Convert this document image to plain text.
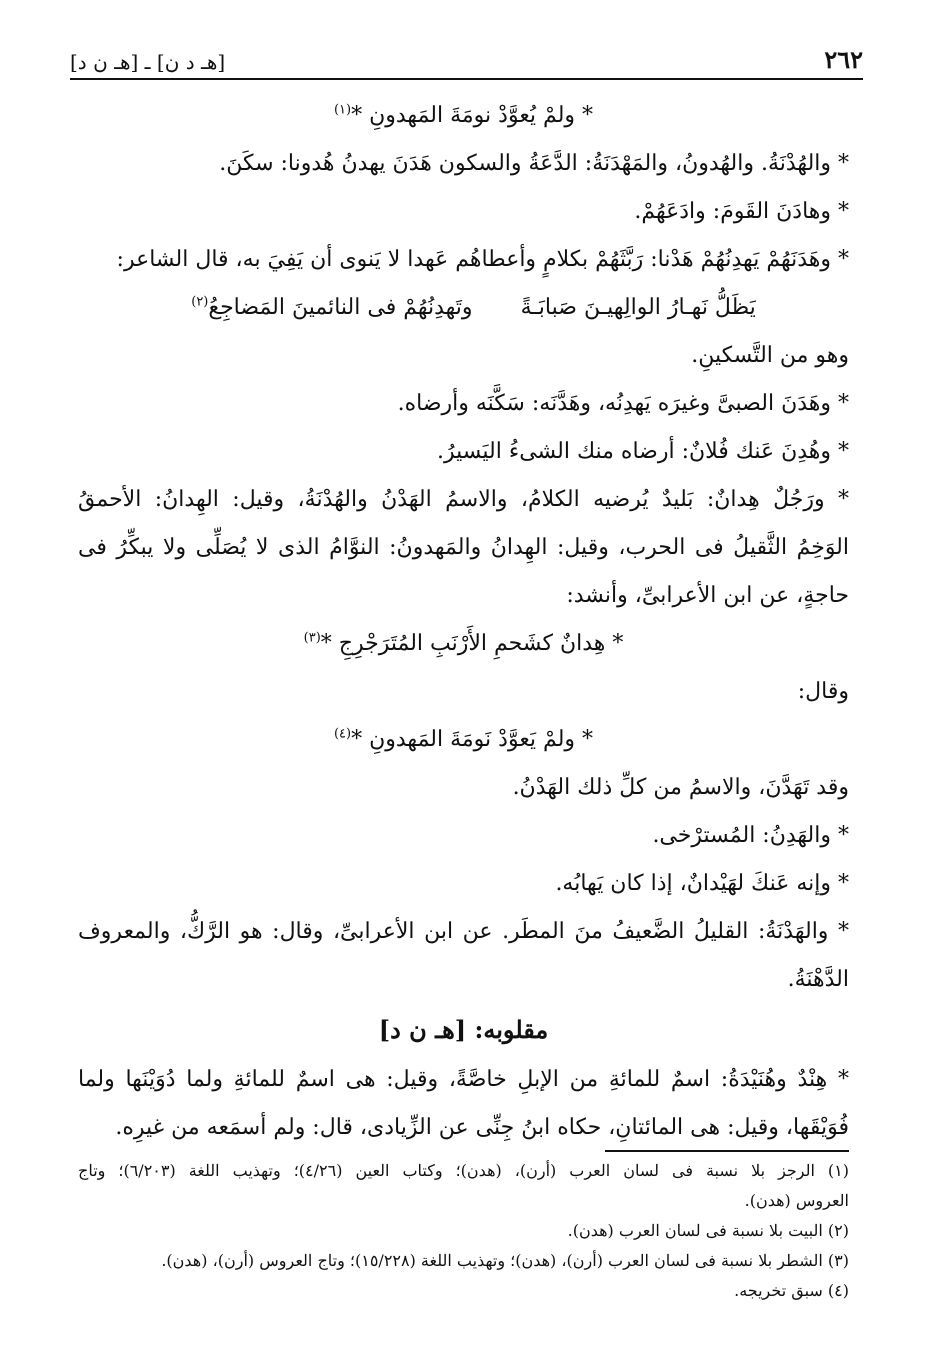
٢٦٢
[هـ د ن] ـ [هـ ن د]
* ولمْ يُعوَّدْ نومَةَ المَهدونِ *$^{(١)}$
* والهُدْنَةُ. والهُدونُ، والمَهْدَنَةُ: الدَّعَةُ والسكون هَدَنَ يهدنُ هُدونا: سكَنَ.
* وهادَنَ القَومَ: وادَعَهُمْ.
* وهَدَنَهُمْ يَهدِنُهُمْ هَدْنا: رَبَّثَهُمْ بكلامٍ وأعطاهُم عَهدا لا يَنوى أن يَفِيَ به، قال الشاعر:
يَظَلُّ نَهـارُ الوالِهيـنَ صَبابَـةً
وتَهدِنُهُمْ فى النائمينَ المَضاجِعُ$^{(٢)}$
وهو من التَّسكينِ.
* وهَدَنَ الصبىَّ وغيرَه يَهدِنُه، وهَدَّنَه: سَكَّنَه وأرضاه.
* وهُدِنَ عَنك فُلانٌ: أرضاه منك الشىءُ اليَسيرُ.
* ورَجُلٌ هِدانٌ: بَليدٌ يُرضيه الكلامُ، والاسمُ الهَدْنُ والهُدْنَةُ، وقيل: الهِدانُ: الأحمقُ
الوَخِمُ الثَّقيلُ فى الحرب، وقيل: الهِدانُ والمَهدونُ: النوَّامُ الذى لا يُصَلِّى ولا يبكِّرُ فى
حاجةٍ، عن ابن الأعرابىِّ، وأنشد:
* هِدانٌ كشَحمِ الأَرْنَبِ المُتَرَجْرِجِ *$^{(٣)}$
وقال:
* ولمْ يَعوَّدْ نَومَةَ المَهدونِ *$^{(٤)}$
وقد تَهَدَّنَ، والاسمُ من كلِّ ذلك الهَدْنُ.
* والهَدِنُ: المُسترْخى.
* وإنه عَنكَ لهَيْدانٌ، إذا كان يَهابُه.
* والهَدْنَةُ: القليلُ الضَّعيفُ منَ المطَر. عن ابن الأعرابىِّ، وقال: هو الرَّكُّ، والمعروف
الدَّهْنَةُ.
مقلوبه: [هـ ن د]
* هِنْدٌ وهُنَيْدَةُ: اسمٌ للمائةِ من الإبلِ خاصَّةً، وقيل: هى اسمٌ للمائةِ ولما دُوَيْنَها ولما
فُوَيْقَها، وقيل: هى المائتانِ، حكاه ابنُ جِنِّى عن الزِّيادى، قال: ولم أسمَعه من غيرِه.
(١) الرجز بلا نسبة فى لسان العرب (أرن)، (هدن)؛ وكتاب العين (٤/٢٦)؛ وتهذيب اللغة (٦/٢٠٣)؛ وتاج
العروس (هدن).
(٢) البيت بلا نسبة فى لسان العرب (هدن).
(٣) الشطر بلا نسبة فى لسان العرب (أرن)، (هدن)؛ وتهذيب اللغة (١٥/٢٢٨)؛ وتاج العروس (أرن)، (هدن).
(٤) سبق تخريجه.
